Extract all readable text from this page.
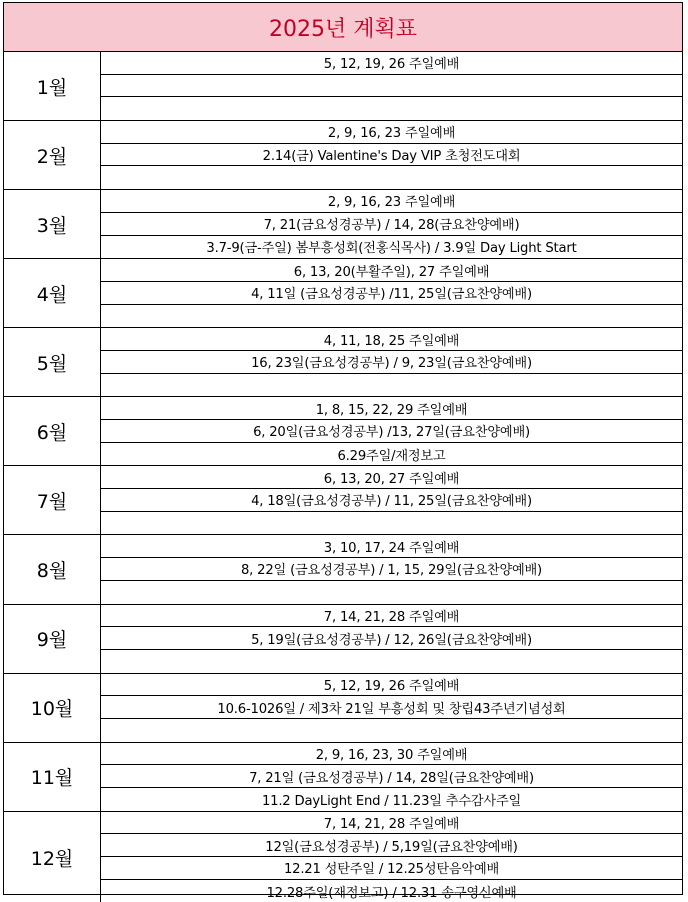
2025년 계획표
1월
5, 12, 19, 26 주일예배
2월
2, 9, 16, 23 주일예배
2.14(금) Valentine's Day VIP 초청전도대회
3월
2, 9, 16, 23 주일예배
7, 21(금요성경공부) / 14, 28(금요찬양예배)
3.7-9(금-주일) 봄부흥성회(전홍식목사) / 3.9일 Day Light Start
4월
6, 13, 20(부활주일), 27 주일예배
4, 11일 (금요성경공부) /11, 25일(금요찬양예배)
5월
4, 11, 18, 25 주일예배
16, 23일(금요성경공부) / 9, 23일(금요찬양예배)
6월
1, 8, 15, 22, 29 주일예배
6, 20일(금요성경공부) /13, 27일(금요찬양예배)
6.29주일/재정보고
7월
6, 13, 20, 27 주일예배
4, 18일(금요성경공부) / 11, 25일(금요찬양예배)
8월
3, 10, 17, 24 주일예배
8, 22일 (금요성경공부) / 1, 15, 29일(금요찬양예배)
9월
7, 14, 21, 28 주일예배
5, 19일(금요성경공부) / 12, 26일(금요찬양예배)
10월
5, 12, 19, 26 주일예배
10.6-1026일 / 제3차 21일 부흥성회 및 창립43주년기념성회
11월
2, 9, 16, 23, 30 주일예배
7, 21일 (금요성경공부) / 14, 28일(금요찬양예배)
11.2 DayLight End / 11.23일 추수감사주일
12월
7, 14, 21, 28 주일예배
12일(금요성경공부) / 5,19일(금요찬양예배)
12.21 성탄주일 / 12.25성탄음악예배
12.28주일(재정보고) / 12.31 송구영신예배
